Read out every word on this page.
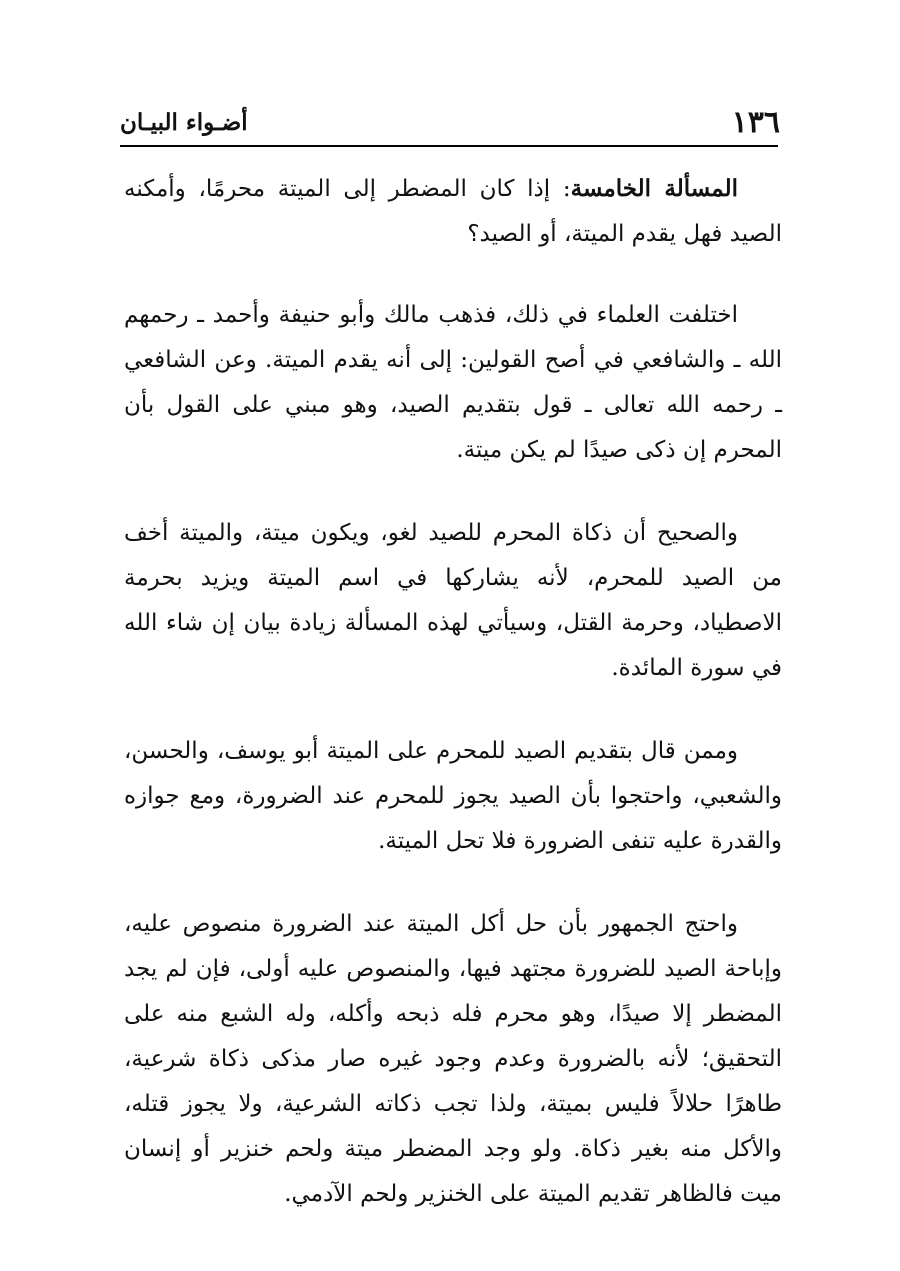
١٣٦
أضـواء البيـان

المسألة الخامسة: إذا كان المضطر إلى الميتة محرمًا، وأمكنه الصيد فهل يقدم الميتة، أو الصيد؟

اختلفت العلماء في ذلك، فذهب مالك وأبو حنيفة وأحمد ـ رحمهم الله ـ والشافعي في أصح القولين: إلى أنه يقدم الميتة. وعن الشافعي ـ رحمه الله تعالى ـ قول بتقديم الصيد، وهو مبني على القول بأن المحرم إن ذكى صيدًا لم يكن ميتة.

والصحيح أن ذكاة المحرم للصيد لغو، ويكون ميتة، والميتة أخف من الصيد للمحرم، لأنه يشاركها في اسم الميتة ويزيد بحرمة الاصطياد، وحرمة القتل، وسيأتي لهذه المسألة زيادة بيان إن شاء الله في سورة المائدة.

وممن قال بتقديم الصيد للمحرم على الميتة أبو يوسف، والحسن، والشعبي، واحتجوا بأن الصيد يجوز للمحرم عند الضرورة، ومع جوازه والقدرة عليه تنفى الضرورة فلا تحل الميتة.

واحتج الجمهور بأن حل أكل الميتة عند الضرورة منصوص عليه، وإباحة الصيد للضرورة مجتهد فيها، والمنصوص عليه أولى، فإن لم يجد المضطر إلا صيدًا، وهو محرم فله ذبحه وأكله، وله الشبع منه على التحقيق؛ لأنه بالضرورة وعدم وجود غيره صار مذكى ذكاة شرعية، طاهرًا حلالاً فليس بميتة، ولذا تجب ذكاته الشرعية، ولا يجوز قتله، والأكل منه بغير ذكاة. ولو وجد المضطر ميتة ولحم خنزير أو إنسان ميت فالظاهر تقديم الميتة على الخنزير ولحم الآدمي.
